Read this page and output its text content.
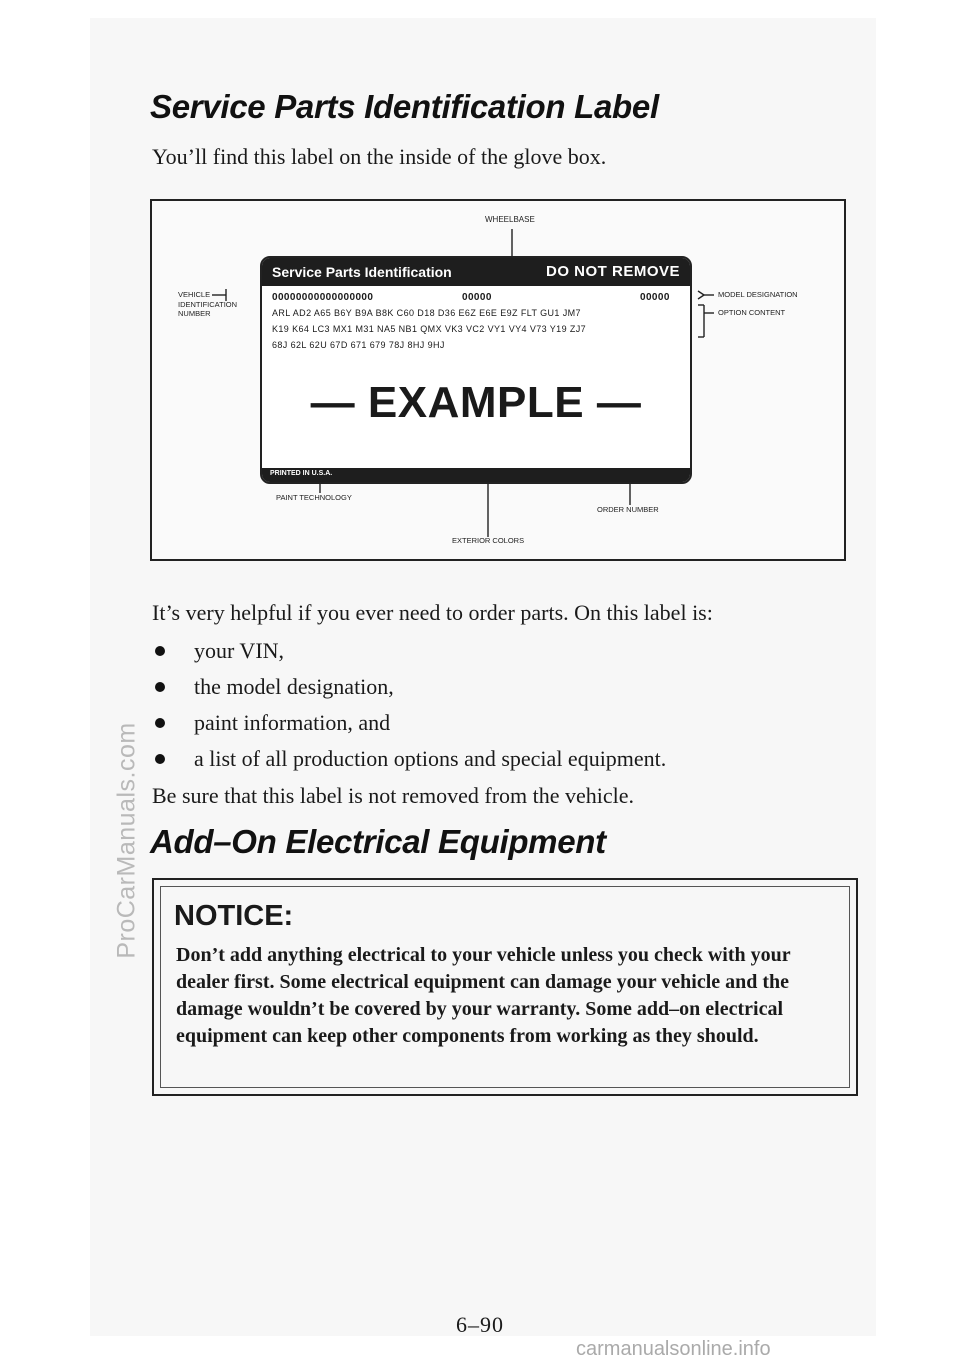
ProCarManuals.com
Service Parts Identification Label

You’ll find this label on the inside of the glove box.

WHEELBASE
VEHICLE
IDENTIFICATION
NUMBER
MODEL DESIGNATION
OPTION CONTENT
PAINT TECHNOLOGY
ORDER NUMBER
EXTERIOR COLORS
Service Parts Identification	DO NOT REMOVE
00000000000000000	00000	00000
ARL AD2 A65 B6Y B9A B8K C60 D18 D36 E6Z E6E E9Z FLT GU1 JM7
K19 K64 LC3 MX1 M31 NA5 NB1 QMX VK3 VC2 VY1 VY4 V73 Y19 ZJ7
68J 62L 62U 67D 671 679 78J 8HJ 9HJ
— EXAMPLE —
PRINTED IN U.S.A.

It’s very helpful if you ever need to order parts. On this label is:

your VIN,
the model designation,
paint information, and
a list of all production options and special equipment.

Be sure that this label is not removed from the vehicle.

Add–On Electrical Equipment
NOTICE:

Don’t add anything electrical to your vehicle unless you check with your dealer first. Some electrical equipment can damage your vehicle and the damage wouldn’t be covered by your warranty. Some add–on electrical equipment can keep other components from working as they should.

6–90
carmanualsonline.info
